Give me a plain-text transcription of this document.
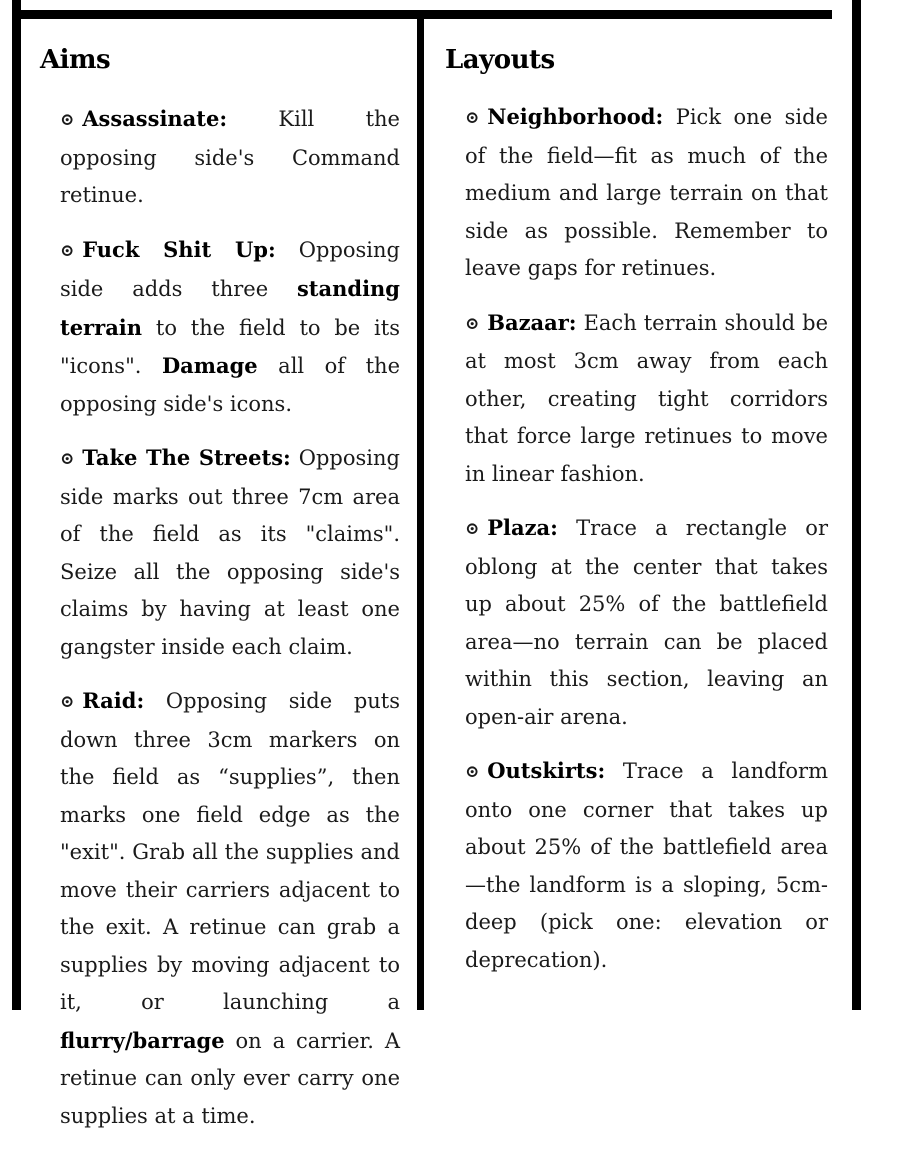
Aims

⊙ Assassinate: Kill the opposing side's Command retinue.

⊙ Fuck Shit Up: Opposing side adds three standing terrain to the field to be its "icons". Damage all of the opposing side's icons.

⊙ Take The Streets: Opposing side marks out three 7cm area of the field as its "claims". Seize all the opposing side's claims by having at least one gangster inside each claim.

⊙ Raid: Opposing side puts down three 3cm markers on the field as “supplies”, then marks one field edge as the "exit". Grab all the supplies and move their carriers adjacent to the exit. A retinue can grab a supplies by moving adjacent to it, or launching a flurry/barrage on a carrier. A retinue can only ever carry one supplies at a time.

Layouts

⊙ Neighborhood: Pick one side of the field—fit as much of the medium and large terrain on that side as possible. Remember to leave gaps for retinues.

⊙ Bazaar: Each terrain should be at most 3cm away from each other, creating tight corridors that force large retinues to move in linear fashion.

⊙ Plaza: Trace a rectangle or oblong at the center that takes up about 25% of the battlefield area—no terrain can be placed within this section, leaving an open-air arena.

⊙ Outskirts: Trace a landform onto one corner that takes up about 25% of the battlefield area—the landform is a sloping, 5cm-deep (pick one: elevation or deprecation).
